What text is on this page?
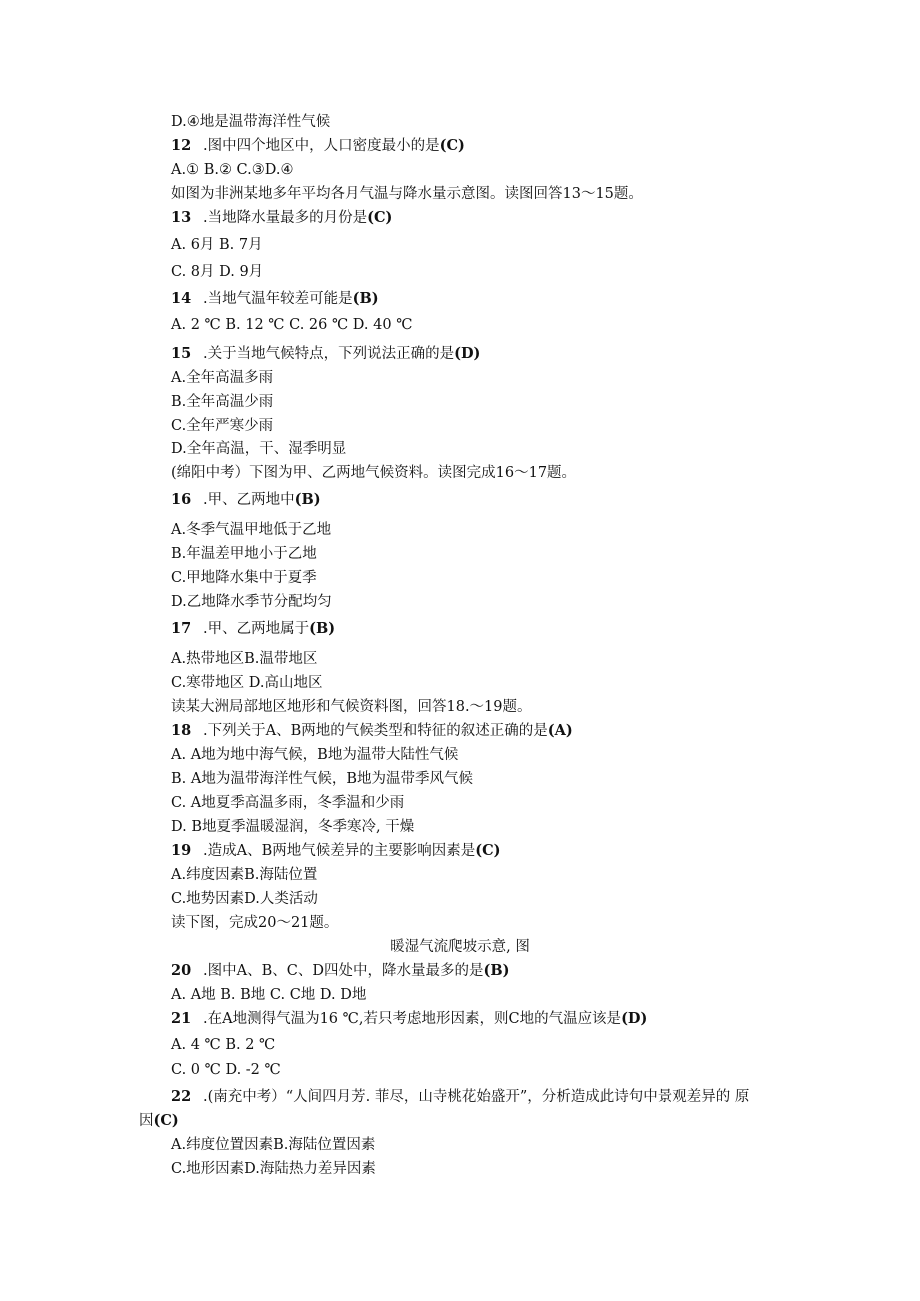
D.④地是温带海洋性气候
12 .图中四个地区中，人口密度最小的是(C)
A.① B.② C.③D.④
如图为非洲某地多年平均各月气温与降水量示意图。读图回答13～15题。
13 .当地降水量最多的月份是(C)
A. 6月 B. 7月
C. 8月 D. 9月
14 .当地气温年较差可能是(B)
A. 2 ℃ B. 12 ℃ C. 26 ℃ D. 40 ℃
15 .关于当地气候特点，下列说法正确的是(D)
A.全年高温多雨
B.全年高温少雨
C.全年严寒少雨
D.全年高温，干、湿季明显
(绵阳中考）下图为甲、乙两地气候资料。读图完成16～17题。
16 .甲、乙两地中(B)
A.冬季气温甲地低于乙地
B.年温差甲地小于乙地
C.甲地降水集中于夏季
D.乙地降水季节分配均匀
17 .甲、乙两地属于(B)
A.热带地区B.温带地区
C.寒带地区 D.高山地区
读某大洲局部地区地形和气候资料图，回答18.～19题。
18 .下列关于A、B两地的气候类型和特征的叙述正确的是(A)
A. A地为地中海气候，B地为温带大陆性气候
B. A地为温带海洋性气候，B地为温带季风气候
C. A地夏季高温多雨，冬季温和少雨
D. B地夏季温暖湿润，冬季寒冷, 干燥
19 .造成A、B两地气候差异的主要影响因素是(C)
A.纬度因素B.海陆位置
C.地势因素D.人类活动
读下图，完成20～21题。
暖湿气流爬坡示意, 图
20 .图中A、B、C、D四处中，降水量最多的是(B)
A. A地 B. B地 C. C地 D. D地
21 .在A地测得气温为16 ℃,若只考虑地形因素，则C地的气温应该是(D)
A. 4 ℃ B. 2 ℃
C. 0 ℃ D. -2 ℃
22 .(南充中考）“人间四月芳. 菲尽，山寺桃花始盛开”，分析造成此诗句中景观差异的 原
因(C)
A.纬度位置因素B.海陆位置因素
C.地形因素D.海陆热力差异因素
